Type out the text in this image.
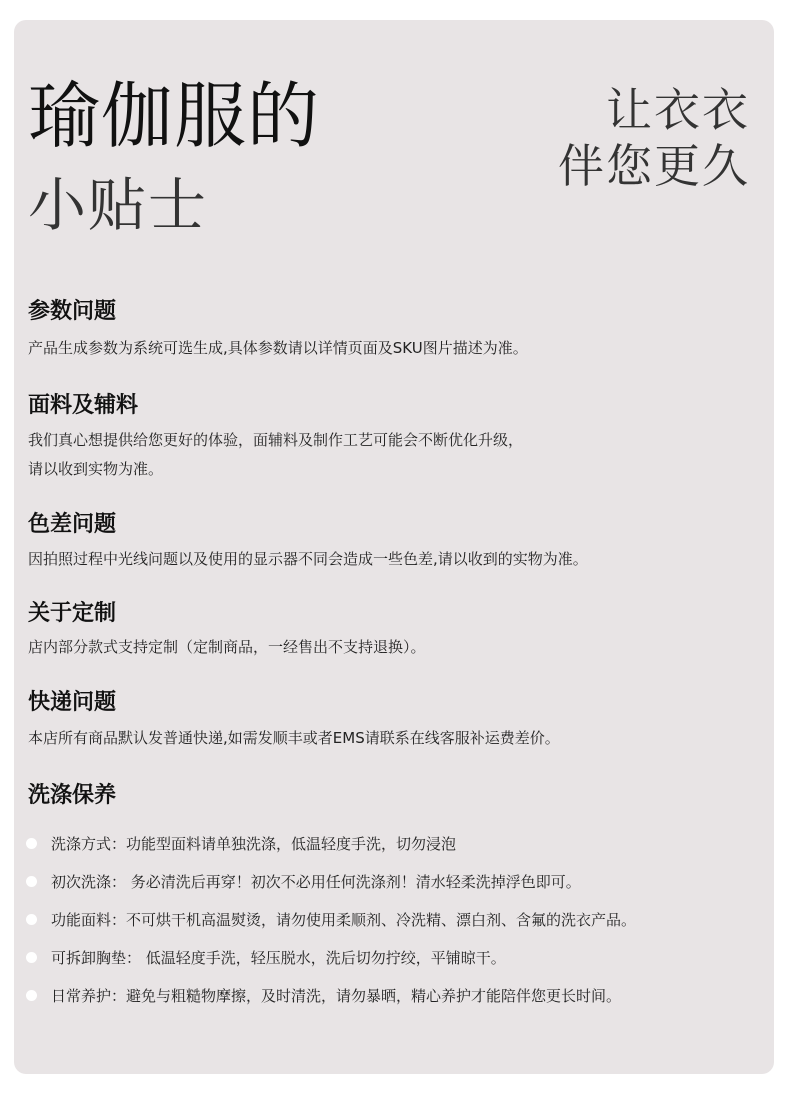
瑜伽服的
小贴士
让衣衣
伴您更久
参数问题

产品生成参数为系统可选生成,具体参数请以详情页面及SKU图片描述为准。

面料及辅料
我们真心想提供给您更好的体验，面辅料及制作工艺可能会不断优化升级，
请以收到实物为准。
色差问题

因拍照过程中光线问题以及使用的显示器不同会造成一些色差,请以收到的实物为准。

关于定制

店内部分款式支持定制（定制商品，一经售出不支持退换）。

快递问题

本店所有商品默认发普通快递,如需发顺丰或者EMS请联系在线客服补运费差价。

洗涤保养
洗涤方式：功能型面料请单独洗涤，低温轻度手洗，切勿浸泡
初次洗涤： 务必清洗后再穿！初次不必用任何洗涤剂！清水轻柔洗掉浮色即可。
功能面料：不可烘干机高温熨烫，请勿使用柔顺剂、冷洗精、漂白剂、含氟的洗衣产品。
可拆卸胸垫： 低温轻度手洗，轻压脱水，洗后切勿拧绞，平铺晾干。
日常养护：避免与粗糙物摩擦，及时清洗，请勿暴晒，精心养护才能陪伴您更长时间。
